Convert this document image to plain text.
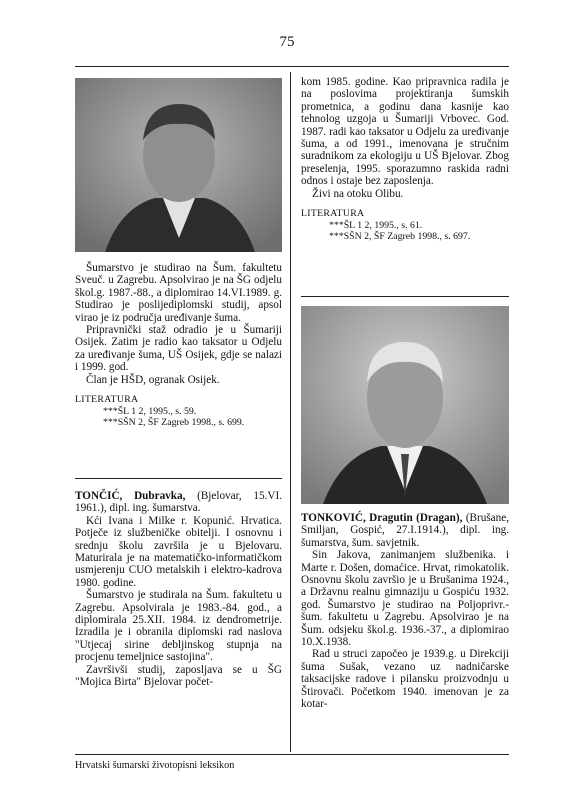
75

Šumarstvo je studirao na Šum. fakultetu Sveuč. u Zagrebu. Apsolvirao je na ŠG odjelu škol.g. 1987.-88., a diplomirao 14.VI.1989. g. Studirao je poslijediplomski studij, apsol virao je iz područja uređivanje šuma.

Pripravnički staž odradio je u Šumariji Osijek. Zatim je radio kao taksator u Odjelu za uređivanje šuma, UŠ Osijek, gdje se nalazi i 1999. god.

Član je HŠD, ogranak Osijek.

LITERATURA
***ŠL 1 2, 1995., s. 59.
***SŠN 2, ŠF Zagreb 1998., s. 699.

TONČIĆ, Dubravka, (Bjelovar, 15.VI. 1961.), dipl. ing. šumarstva.

Kći Ivana i Milke r. Kopunić. Hrvatica. Potječe iz službeničke obitelji. I osnovnu i srednju školu završila je u Bjelovaru. Maturirala je na matematičko-informatičkom usmjerenju CUO metalskih i elektro-kadrova 1980. godine.

Šumarstvo je studirala na Šum. fakultetu u Zagrebu. Apsolvirala je 1983.-84. god., a diplomirala 25.XII. 1984. iz dendrometrije. Izradila je i obranila diplomski rad naslova "Utjecaj sirine debljinskog stupnja na procjenu temeljnice sastojina".

Završivši studij, zaposljava se u ŠG "Mojica Birta" Bjelovar počet-

kom 1985. godine. Kao pripravnica radila je na poslovima projektiranja šumskih prometnica, a godinu dana kasnije kao tehnolog uzgoja u Šumariji Vrbovec. God. 1987. radi kao taksator u Odjelu za uređivanje šuma, a od 1991., imenovana je stručnim suradnikom za ekologiju u UŠ Bjelovar. Zbog preselenja, 1995. sporazumno raskida radni odnos i ostaje bez zaposlenja.

Živi na otoku Olibu.

LITERATURA
***ŠL 1 2, 1995., s. 61.
***SŠN 2, ŠF Zagreb 1998., s. 697.

TONKOVIĆ, Dragutin (Dragan), (Brušane, Smiljan, Gospić, 27.I.1914.), dipl. ing. šumarstva, šum. savjetnik.

Sin Jakova, zanimanjem službenika. i Marte r. Došen, domaćice. Hrvat, rimokatolik. Osnovnu školu završio je u Brušanima 1924., a Državnu realnu gimnaziju u Gospiću 1932. god. Šumarstvo je studirao na Poljoprivr.-šum. fakultetu u Zagrebu. Apsolvirao je na Šum. odsjeku škol.g. 1936.-37., a diplomirao 10.X.1938.

Rad u struci započeo je 1939.g. u Direkciji šuma Sušak, vezano uz nadničarske taksacijske radove i pilansku proizvodnju u Štirovači. Početkom 1940. imenovan je za kotar-

Hrvatski šumarski životopisni leksikon
